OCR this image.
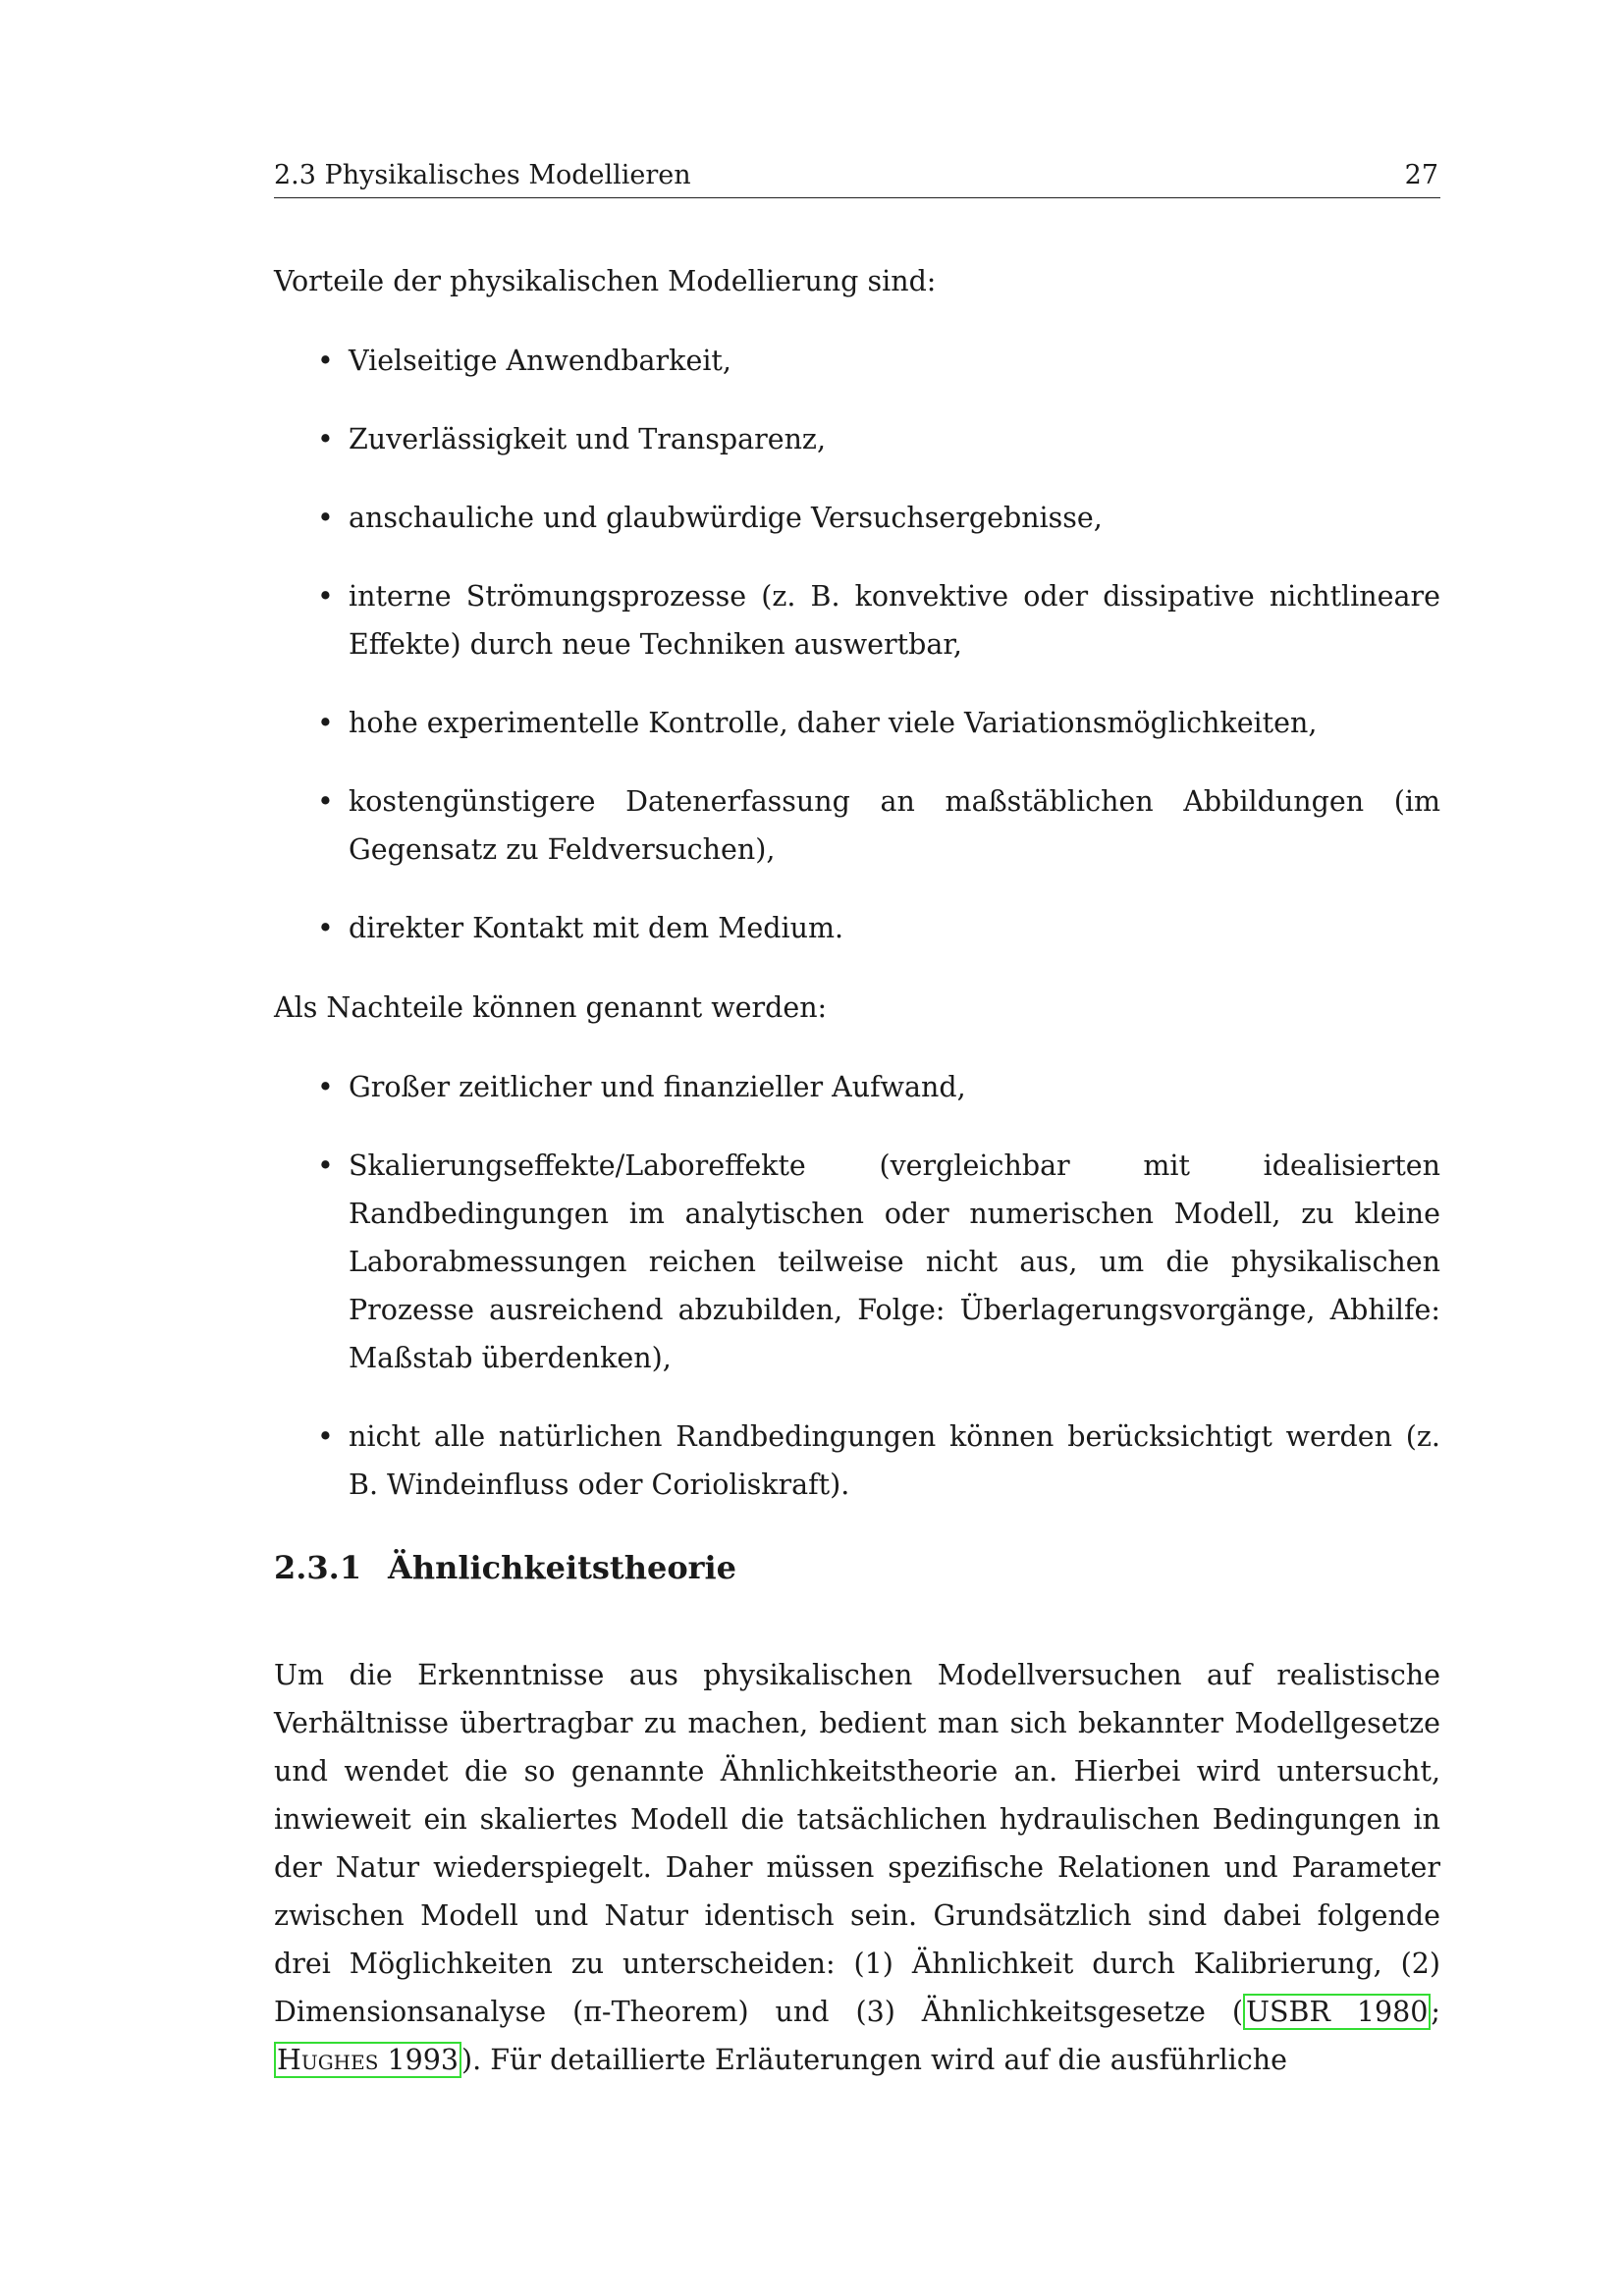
2.3 Physikalisches Modellieren	27
Vorteile der physikalischen Modellierung sind:
• Vielseitige Anwendbarkeit,
• Zuverlässigkeit und Transparenz,
• anschauliche und glaubwürdige Versuchsergebnisse,
• interne Strömungsprozesse (z. B. konvektive oder dissipative nichtlineare Effekte) durch neue Techniken auswertbar,
• hohe experimentelle Kontrolle, daher viele Variationsmöglichkeiten,
• kostengünstigere Datenerfassung an maßstäblichen Abbildungen (im Gegensatz zu Feldversuchen),
• direkter Kontakt mit dem Medium.
Als Nachteile können genannt werden:
• Großer zeitlicher und finanzieller Aufwand,
• Skalierungseffekte/Laboreffekte (vergleichbar mit idealisierten Randbedingungen im analytischen oder numerischen Modell, zu kleine Laborabmessungen reichen teilweise nicht aus, um die physikalischen Prozesse ausreichend abzubilden, Folge: Überlagerungsvorgänge, Abhilfe: Maßstab überdenken),
• nicht alle natürlichen Randbedingungen können berücksichtigt werden (z. B. Windeinfluss oder Corioliskraft).
2.3.1 Ähnlichkeitstheorie
Um die Erkenntnisse aus physikalischen Modellversuchen auf realistische Verhältnisse übertragbar zu machen, bedient man sich bekannter Modellgesetze und wendet die so genannte Ähnlichkeitstheorie an. Hierbei wird untersucht, inwieweit ein skaliertes Modell die tatsächlichen hydraulischen Bedingungen in der Natur wiederspiegelt. Daher müssen spezifische Relationen und Parameter zwischen Modell und Natur identisch sein. Grundsätzlich sind dabei folgende drei Möglichkeiten zu unterscheiden: (1) Ähnlichkeit durch Kalibrierung, (2) Dimensionsanalyse (π-Theorem) und (3) Ähnlichkeitsgesetze ( USBR 1980 ; Hughes 1993 ). Für detaillierte Erläuterungen wird auf die ausführliche
